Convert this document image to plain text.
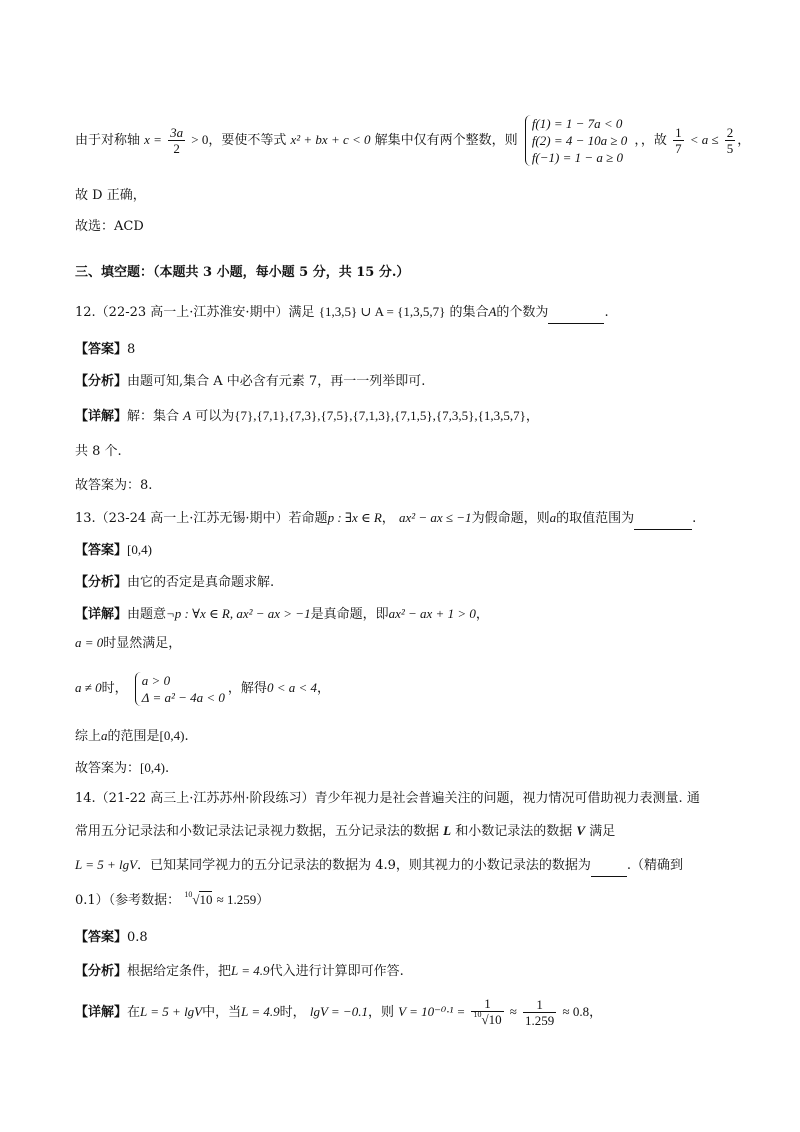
由于对称轴 $x = \frac{3a}{2} > 0$，要使不等式 x² + bx + c < 0 解集中仅有两个整数，则
f(1) = 1 − 7a < 0
f(2) = 4 − 10a ≥ 0
f(−1) = 1 − a ≥ 0
，，故 $\frac{1}{7} < a \le \frac{2}{5}$ ，
故 D 正确，
故选：ACD
三、填空题：（本题共 3 小题，每小题 5 分，共 15 分.）
12.（22-23 高一上·江苏淮安·期中）满足 {1,3,5} ∪ A = {1,3,5,7} 的集合A的个数为	.
【答案】8
【分析】由题可知,集合 A 中必含有元素 7，再一一列举即可.
【详解】解：集合 A 可以为{7},{7,1},{7,3},{7,5},{7,1,3},{7,1,5},{7,3,5},{1,3,5,7}，
共 8 个.
故答案为：8.
13.（23-24 高一上·江苏无锡·期中）若命题p : ∃x ∈ R， ax² − ax ≤ −1为假命题，则a的取值范围为	.
【答案】[0,4)
【分析】由它的否定是真命题求解.
【详解】由题意¬p : ∀x ∈ R, ax² − ax > −1是真命题，即ax² − ax + 1 > 0，
a = 0时显然满足，
a ≠ 0时，
a > 0
Δ = a² − 4a < 0
，解得0 < a < 4，
综上a的范围是[0,4).
故答案为：[0,4).
14.（21-22 高三上·江苏苏州·阶段练习）青少年视力是社会普遍关注的问题，视力情况可借助视力表测量. 通
常用五分记录法和小数记录法记录视力数据，五分记录法的数据 L 和小数记录法的数据 V 满足
L = 5 + lgV．已知某同学视力的五分记录法的数据为 4.9，则其视力的小数记录法的数据为	.（精确到
0.1）（参考数据： $^{10}$√10 ≈ 1.259）
【答案】0.8
【分析】根据给定条件，把L = 4.9代入进行计算即可作答.
【详解】在L = 5 + lgV中，当L = 4.9时， lgV = −0.1，则 $V = 10^{-0}\cdot^1 = \frac{1}{^{10}√10} \approx \frac{1}{1.259} \approx 0.8$，
